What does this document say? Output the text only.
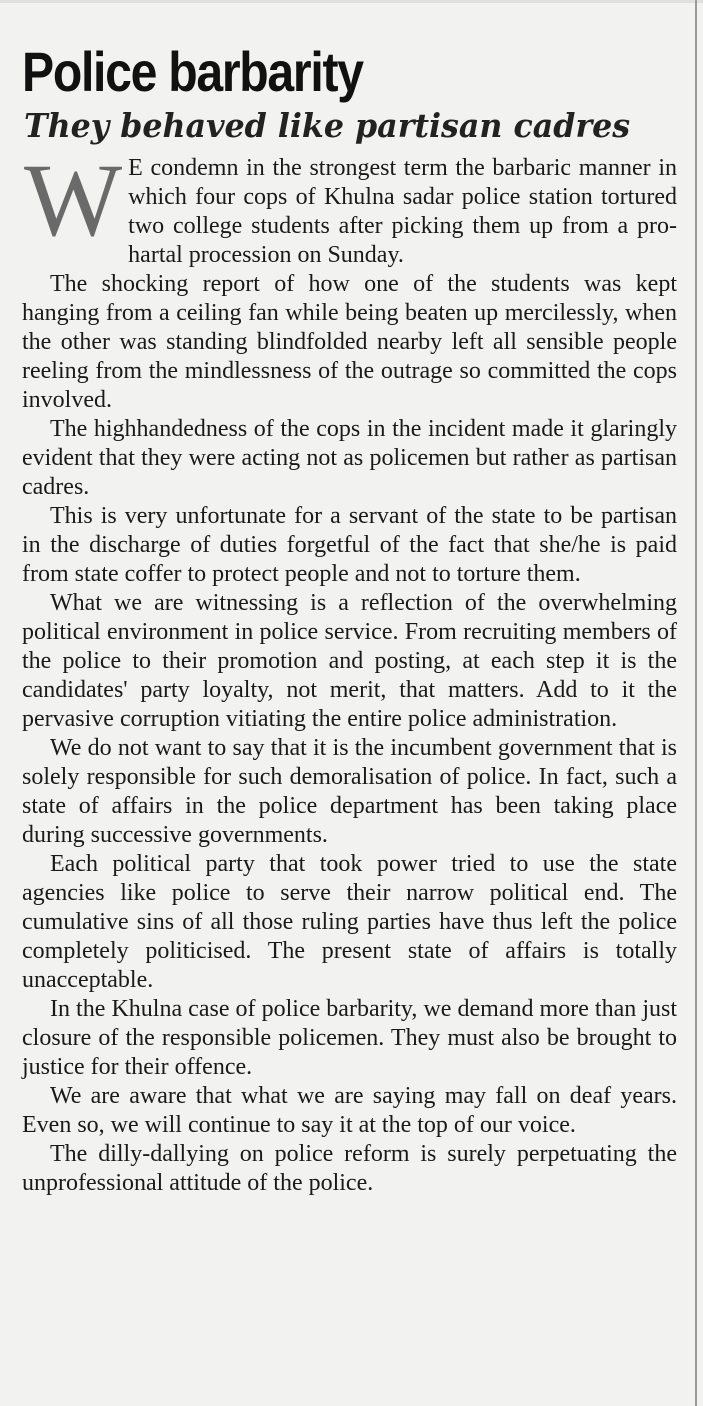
Police barbarity
They behaved like partisan cadres

W E condemn in the strongest term the barbaric manner in which four cops of Khulna sadar police station tortured two college students after picking them up from a pro-hartal procession on Sunday.

The shocking report of how one of the students was kept hanging from a ceiling fan while being beaten up mercilessly, when the other was standing blindfolded nearby left all sensible people reeling from the mindlessness of the outrage so committed the cops involved.

The highhandedness of the cops in the incident made it glaringly evident that they were acting not as policemen but rather as partisan cadres.

This is very unfortunate for a servant of the state to be partisan in the discharge of duties forgetful of the fact that she/he is paid from state coffer to protect people and not to torture them.

What we are witnessing is a reflection of the overwhelming political environment in police service. From recruiting members of the police to their promotion and posting, at each step it is the candidates' party loyalty, not merit, that matters. Add to it the pervasive corruption vitiating the entire police administration.

We do not want to say that it is the incumbent government that is solely responsible for such demoralisation of police. In fact, such a state of affairs in the police department has been taking place during successive governments.

Each political party that took power tried to use the state agencies like police to serve their narrow political end. The cumulative sins of all those ruling parties have thus left the police completely politicised. The present state of affairs is totally unacceptable.

In the Khulna case of police barbarity, we demand more than just closure of the responsible policemen. They must also be brought to justice for their offence.

We are aware that what we are saying may fall on deaf years. Even so, we will continue to say it at the top of our voice.

The dilly-dallying on police reform is surely perpetuating the unprofessional attitude of the police.
